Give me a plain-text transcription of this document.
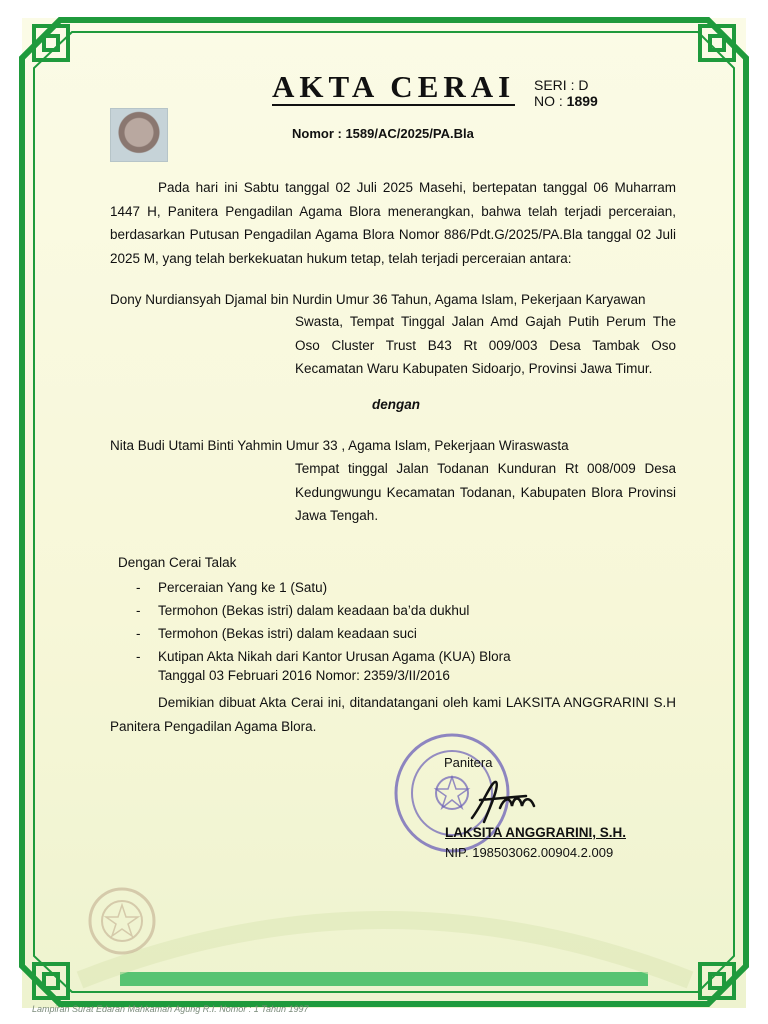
AKTA CERAI SERI : D
NO : 1899
Nomor : 1589/AC/2025/PA.Bla
Pada hari ini Sabtu tanggal 02 Juli 2025 Masehi, bertepatan tanggal 06 Muharram 1447 H, Panitera Pengadilan Agama Blora menerangkan, bahwa telah terjadi perceraian, berdasarkan Putusan Pengadilan Agama Blora Nomor 886/Pdt.G/2025/PA.Bla tanggal 02 Juli 2025 M, yang telah berkekuatan hukum tetap, telah terjadi perceraian antara:
Dony Nurdiansyah Djamal bin Nurdin Umur 36 Tahun, Agama Islam, Pekerjaan Karyawan
Swasta, Tempat Tinggal Jalan Amd Gajah Putih Perum The Oso Cluster Trust B43 Rt 009/003 Desa Tambak Oso Kecamatan Waru Kabupaten Sidoarjo, Provinsi Jawa Timur.
dengan
Nita Budi Utami Binti Yahmin Umur 33 , Agama Islam, Pekerjaan Wiraswasta
Tempat tinggal Jalan Todanan Kunduran Rt 008/009 Desa Kedungwungu Kecamatan Todanan, Kabupaten Blora Provinsi Jawa Tengah.
Dengan Cerai Talak
- Perceraian Yang ke 1 (Satu)
- Termohon (Bekas istri) dalam keadaan ba’da dukhul
- Termohon (Bekas istri) dalam keadaan suci
- Kutipan Akta Nikah dari Kantor Urusan Agama (KUA) Blora
Tanggal 03 Februari 2016 Nomor: 2359/3/II/2016
Demikian dibuat Akta Cerai ini, ditandatangani oleh kami LAKSITA ANGGRARINI S.H Panitera Pengadilan Agama Blora.
Panitera
LAKSITA ANGGRARINI, S.H.
NIP. 198503062.00904.2.009
Lampiran Surat Edaran Mahkamah Agung R.I. Nomor : 1 Tahun 1997
